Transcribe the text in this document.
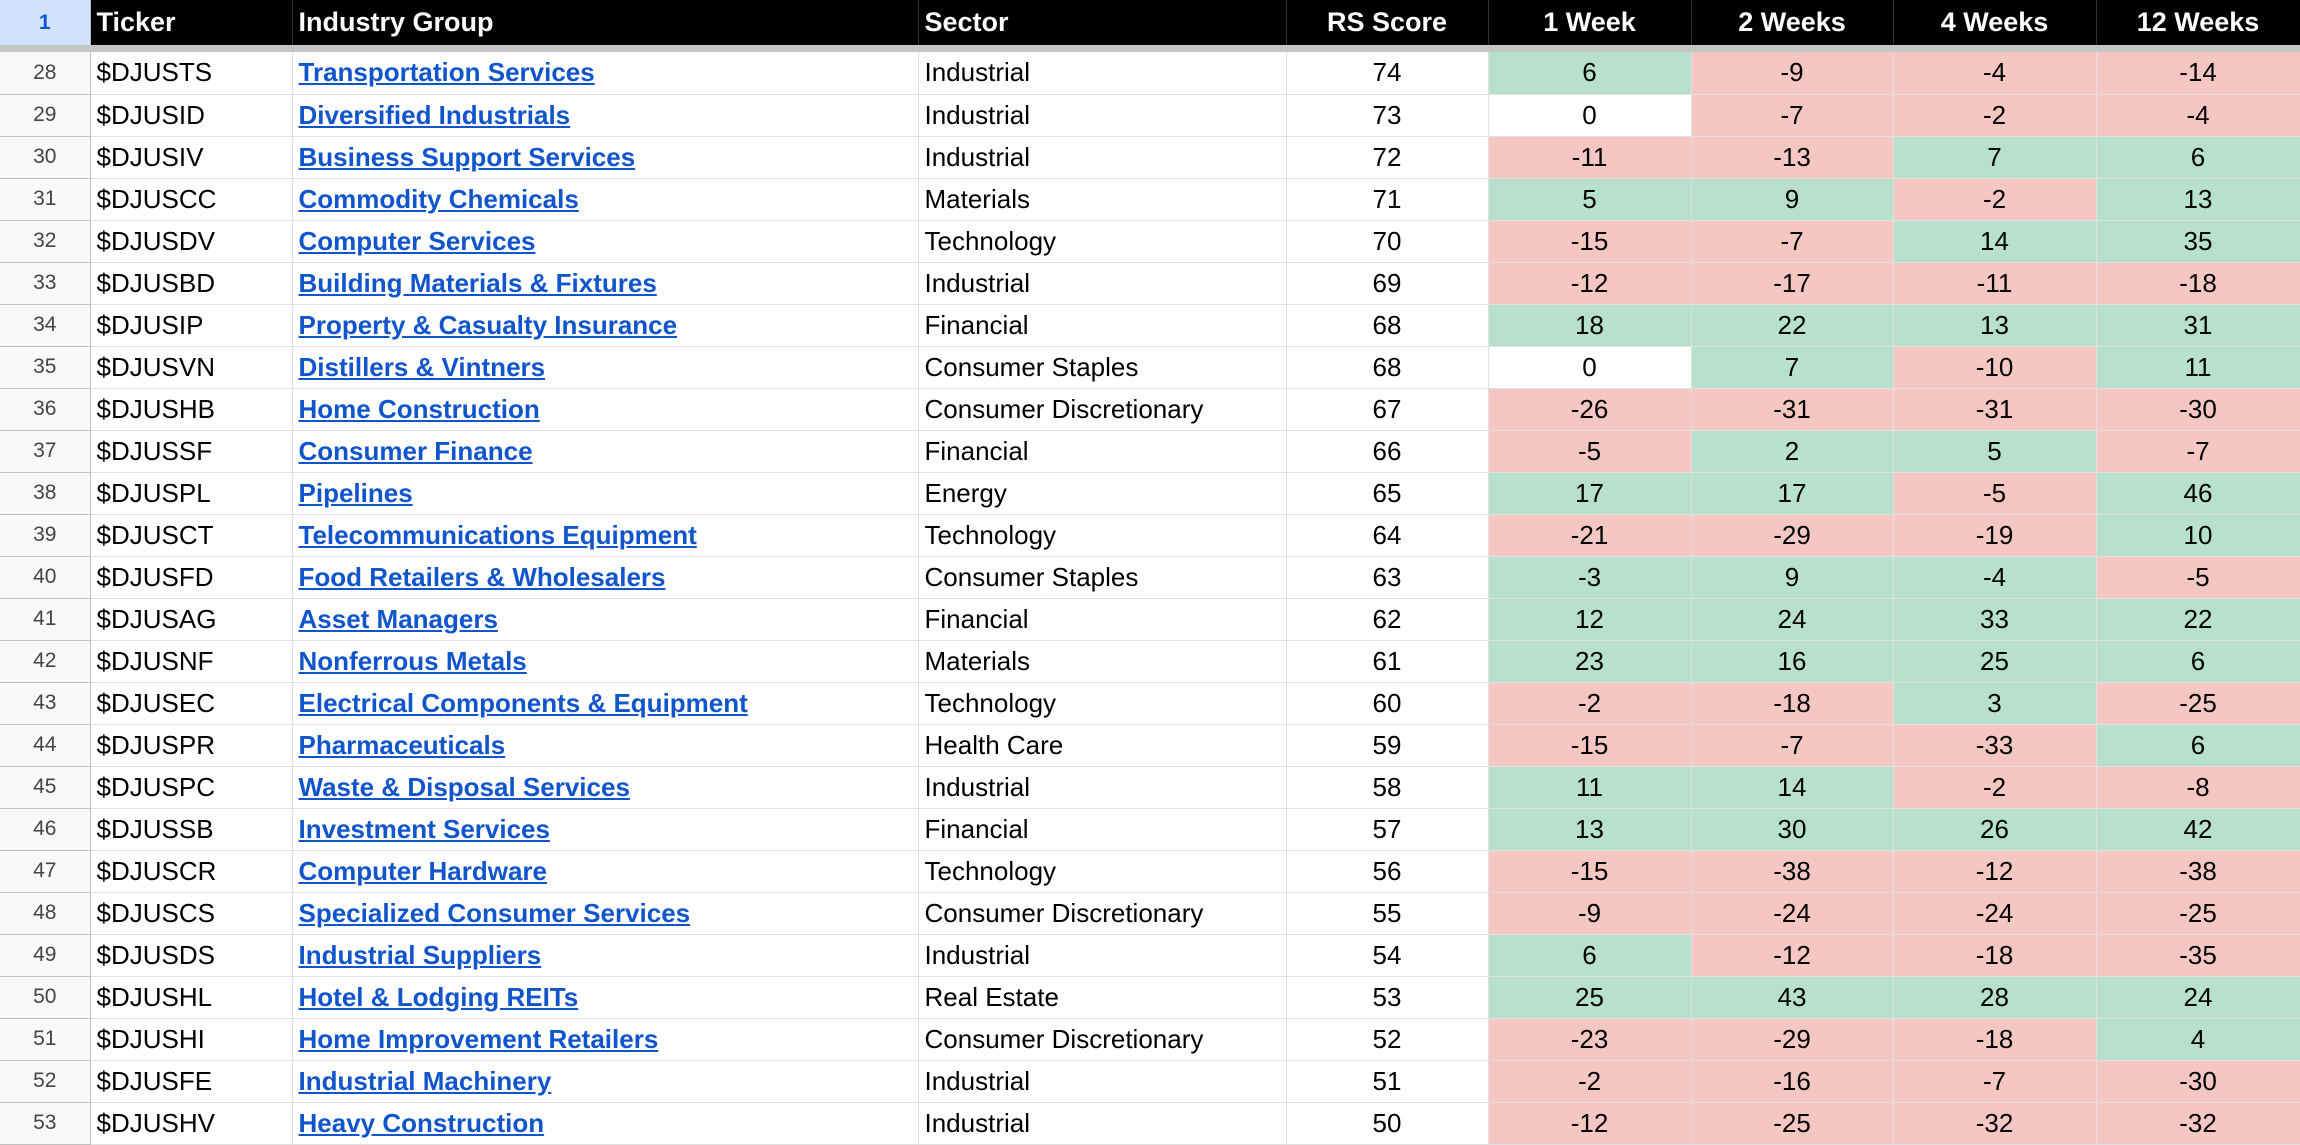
1	Ticker	Industry Group	Sector	RS Score	1 Week	2 Weeks	4 Weeks	12 Weeks

28	$DJUSTS	Transportation Services	Industrial	74	6	-9	-4	-14
29	$DJUSID	Diversified Industrials	Industrial	73	0	-7	-2	-4
30	$DJUSIV	Business Support Services	Industrial	72	-11	-13	7	6
31	$DJUSCC	Commodity Chemicals	Materials	71	5	9	-2	13
32	$DJUSDV	Computer Services	Technology	70	-15	-7	14	35
33	$DJUSBD	Building Materials & Fixtures	Industrial	69	-12	-17	-11	-18
34	$DJUSIP	Property & Casualty Insurance	Financial	68	18	22	13	31
35	$DJUSVN	Distillers & Vintners	Consumer Staples	68	0	7	-10	11
36	$DJUSHB	Home Construction	Consumer Discretionary	67	-26	-31	-31	-30
37	$DJUSSF	Consumer Finance	Financial	66	-5	2	5	-7
38	$DJUSPL	Pipelines	Energy	65	17	17	-5	46
39	$DJUSCT	Telecommunications Equipment	Technology	64	-21	-29	-19	10
40	$DJUSFD	Food Retailers & Wholesalers	Consumer Staples	63	-3	9	-4	-5
41	$DJUSAG	Asset Managers	Financial	62	12	24	33	22
42	$DJUSNF	Nonferrous Metals	Materials	61	23	16	25	6
43	$DJUSEC	Electrical Components & Equipment	Technology	60	-2	-18	3	-25
44	$DJUSPR	Pharmaceuticals	Health Care	59	-15	-7	-33	6
45	$DJUSPC	Waste & Disposal Services	Industrial	58	11	14	-2	-8
46	$DJUSSB	Investment Services	Financial	57	13	30	26	42
47	$DJUSCR	Computer Hardware	Technology	56	-15	-38	-12	-38
48	$DJUSCS	Specialized Consumer Services	Consumer Discretionary	55	-9	-24	-24	-25
49	$DJUSDS	Industrial Suppliers	Industrial	54	6	-12	-18	-35
50	$DJUSHL	Hotel & Lodging REITs	Real Estate	53	25	43	28	24
51	$DJUSHI	Home Improvement Retailers	Consumer Discretionary	52	-23	-29	-18	4
52	$DJUSFE	Industrial Machinery	Industrial	51	-2	-16	-7	-30
53	$DJUSHV	Heavy Construction	Industrial	50	-12	-25	-32	-32
